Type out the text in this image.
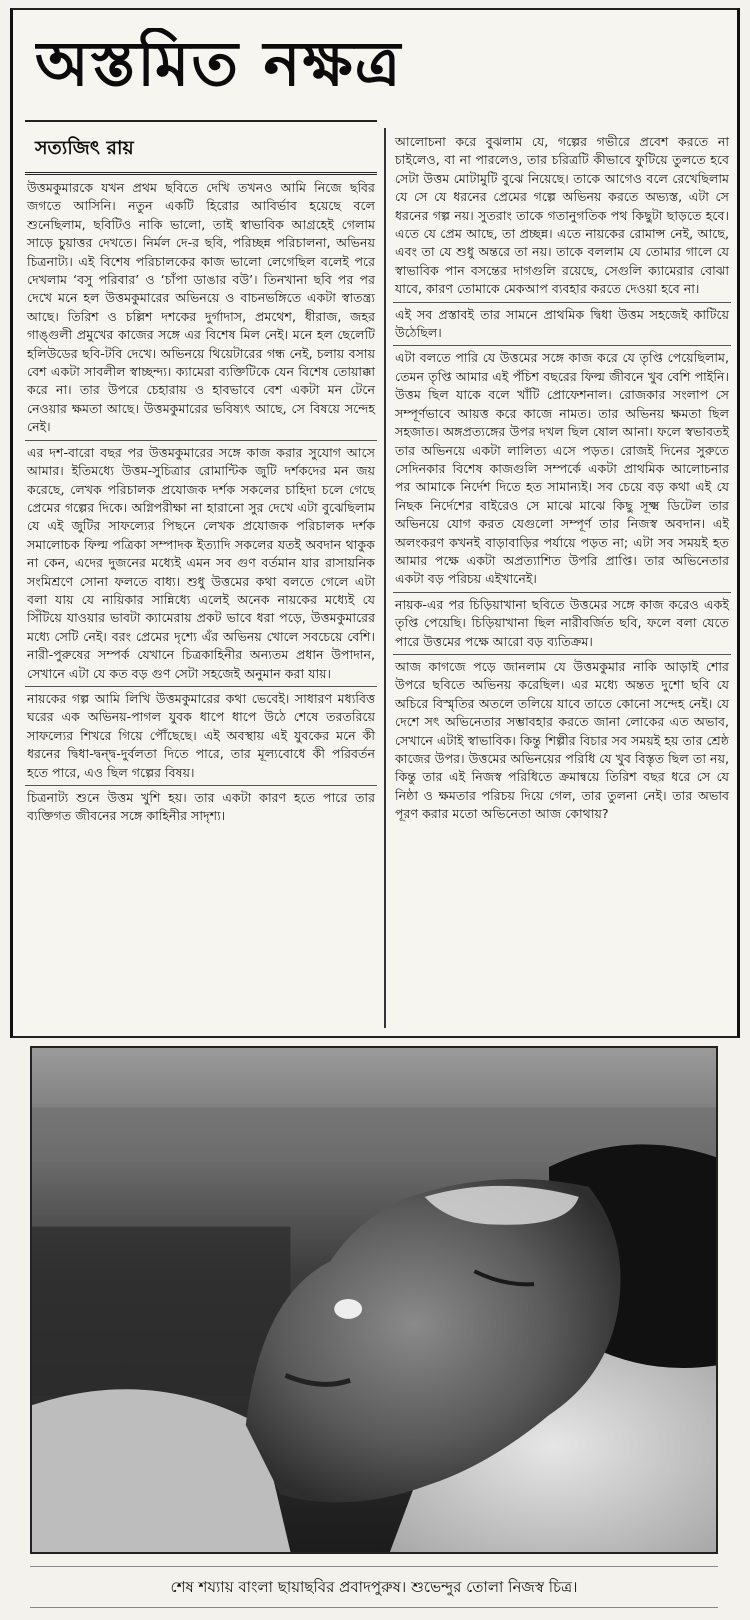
অস্তমিত নক্ষত্র
সত্যজিৎ রায়

উত্তমকুমারকে যখন প্রথম ছবিতে দেখি তখনও আমি নিজে ছবির জগতে আসিনি। নতুন একটি হিরোর আবির্ভাব হয়েছে বলে শুনেছিলাম, ছবিটিও নাকি ভালো, তাই স্বাভাবিক আগ্রহেই গেলাম সাড়ে চুয়াত্তর দেখতে। নির্মল দে-র ছবি, পরিচ্ছন্ন পরিচালনা, অভিনয় চিত্রনাট্য। এই বিশেষ পরিচালকের কাজ ভালো লেগেছিল বলেই পরে দেখলাম ‘বসু পরিবার’ ও ‘চাঁপা ডাঙার বউ’। তিনখানা ছবি পর পর দেখে মনে হল উত্তমকুমারের অভিনয়ে ও বাচনভঙ্গিতে একটা স্বাতন্ত্র্য আছে। তিরিশ ও চল্লিশ দশকের দুর্গাদাস, প্রমথেশ, ধীরাজ, জহর গাঙ্গুলী প্রমুখের কাজের সঙ্গে এর বিশেষ মিল নেই। মনে হল ছেলেটি হলিউডের ছবি-টবি দেখে। অভিনয়ে থিয়েটারের গন্ধ নেই, চলায় বসায় বেশ একটা সাবলীল স্বাচ্ছন্দ্য। ক্যামেরা ব্যক্তিটিকে যেন বিশেষ তোয়াক্কা করে না। তার উপরে চেহারায় ও হাবভাবে বেশ একটা মন টেনে নেওয়ার ক্ষমতা আছে। উত্তমকুমারের ভবিষ্যৎ আছে, সে বিষয়ে সন্দেহ নেই।

এর দশ-বারো বছর পর উত্তমকুমারের সঙ্গে কাজ করার সুযোগ আসে আমার। ইতিমধ্যে উত্তম-সুচিত্রার রোমান্টিক জুটি দর্শকদের মন জয় করেছে, লেখক পরিচালক প্রযোজক দর্শক সকলের চাহিদা চলে গেছে প্রেমের গল্পের দিকে। অগ্নিপরীক্ষা না হারানো সুর দেখে এটা বুঝেছিলাম যে এই জুটির সাফল্যের পিছনে লেখক প্রযোজক পরিচালক দর্শক সমালোচক ফিল্ম পত্রিকা সম্পাদক ইত্যাদি সকলের যতই অবদান থাকুক না কেন, এদের দুজনের মধ্যেই এমন সব গুণ বর্তমান যার রাসায়নিক সংমিশ্রণে সোনা ফলতে বাধ্য। শুধু উত্তমের কথা বলতে গেলে এটা বলা যায় যে নায়িকার সান্নিধ্যে এলেই অনেক নায়কের মধ্যেই যে সিঁটিয়ে যাওয়ার ভাবটা ক্যামেরায় প্রকট ভাবে ধরা পড়ে, উত্তমকুমারের মধ্যে সেটি নেই। বরং প্রেমের দৃশ্যে এঁর অভিনয় খোলে সবচেয়ে বেশি। নারী-পুরুষের সম্পর্ক যেখানে চিত্রকাহিনীর অন্যতম প্রধান উপাদান, সেখানে এটা যে কত বড় গুণ সেটা সহজেই অনুমান করা যায়।

নায়কের গল্প আমি লিখি উত্তমকুমারের কথা ভেবেই। সাধারণ মধ্যবিত্ত ঘরের এক অভিনয়-পাগল যুবক ধাপে ধাপে উঠে শেষে তরতরিয়ে সাফল্যের শিখরে গিয়ে পৌঁছেছে। এই অবস্থায় এই যুবকের মনে কী ধরনের দ্বিধা-দ্বন্দ্ব-দুর্বলতা দিতে পারে, তার মূল্যবোধে কী পরিবর্তন হতে পারে, এও ছিল গল্পের বিষয়।

চিত্রনাট্য শুনে উত্তম খুশি হয়। তার একটা কারণ হতে পারে তার ব্যক্তিগত জীবনের সঙ্গে কাহিনীর সাদৃশ্য।

আলোচনা করে বুঝলাম যে, গল্পের গভীরে প্রবেশ করতে না চাইলেও, বা না পারলেও, তার চরিত্রটি কীভাবে ফুটিয়ে তুলতে হবে সেটা উত্তম মোটামুটি বুঝে নিয়েছে। তাকে আগেও বলে রেখেছিলাম যে সে যে ধরনের প্রেমের গল্পে অভিনয় করতে অভ্যস্ত, এটা সে ধরনের গল্প নয়। সুতরাং তাকে গতানুগতিক পথ কিছুটা ছাড়তে হবে। এতে যে প্রেম আছে, তা প্রচ্ছন্ন। এতে নায়কের রোমান্স নেই, আছে, এবং তা যে শুধু অন্তরে তা নয়। তাকে বললাম যে তোমার গালে যে স্বাভাবিক পান বসন্তের দাগগুলি রয়েছে, সেগুলি ক্যামেরার বোঝা যাবে, কারণ তোমাকে মেকআপ ব্যবহার করতে দেওয়া হবে না।

এই সব প্রস্তাবই তার সামনে প্রাথমিক দ্বিধা উত্তম সহজেই কাটিয়ে উঠেছিল।

এটা বলতে পারি যে উত্তমের সঙ্গে কাজ করে যে তৃপ্তি পেয়েছিলাম, তেমন তৃপ্তি আমার এই পঁচিশ বছরের ফিল্ম জীবনে খুব বেশি পাইনি। উত্তম ছিল যাকে বলে খাঁটি প্রোফেশনাল। রোজকার সংলাপ সে সম্পূর্ণভাবে আয়ত্ত করে কাজে নামত। তার অভিনয় ক্ষমতা ছিল সহজাত। অঙ্গপ্রত্যঙ্গের উপর দখল ছিল ষোল আনা। ফলে স্বভাবতই তার অভিনয়ে একটা লালিত্য এসে পড়ত। রোজই দিনের সুরুতে সেদিনকার বিশেষ কাজগুলি সম্পর্কে একটা প্রাথমিক আলোচনার পর আমাকে নির্দেশ দিতে হত সামান্যই। সব চেয়ে বড় কথা এই যে নিছক নির্দেশের বাইরেও সে মাঝে মাঝে কিছু সূক্ষ্ম ডিটেল তার অভিনয়ে যোগ করত যেগুলো সম্পূর্ণ তার নিজস্ব অবদান। এই অলংকরণ কখনই বাড়াবাড়ির পর্যায়ে পড়ত না; এটা সব সময়ই হত আমার পক্ষে একটা অপ্রত্যাশিত উপরি প্রাপ্তি। তার অভিনেতার একটা বড় পরিচয় এইখানেই।

নায়ক-এর পর চিড়িয়াখানা ছবিতে উত্তমের সঙ্গে কাজ করেও একই তৃপ্তি পেয়েছি। চিড়িয়াখানা ছিল নারীবর্জিত ছবি, ফলে বলা যেতে পারে উত্তমের পক্ষে আরো বড় ব্যতিক্রম।

আজ কাগজে পড়ে জানলাম যে উত্তমকুমার নাকি আড়াই শোর উপরে ছবিতে অভিনয় করেছিল। এর মধ্যে অন্তত দুশো ছবি যে অচিরে বিস্মৃতির অতলে তলিয়ে যাবে তাতে কোনো সন্দেহ নেই। যে দেশে সৎ অভিনেতার সম্ভাবহার করতে জানা লোকের এত অভাব, সেখানে এটাই স্বাভাবিক। কিন্তু শিল্পীর বিচার সব সময়ই হয় তার শ্রেষ্ঠ কাজের উপর। উত্তমের অভিনয়ের পরিধি যে খুব বিস্তৃত ছিল তা নয়, কিন্তু তার এই নিজস্ব পরিধিতে ক্রমান্বয়ে তিরিশ বছর ধরে সে যে নিষ্ঠা ও ক্ষমতার পরিচয় দিয়ে গেল, তার তুলনা নেই। তার অভাব পূরণ করার মতো অভিনেতা আজ কোথায়?

শেষ শয্যায় বাংলা ছায়াছবির প্রবাদপুরুষ। শুভেন্দুর তোলা নিজস্ব চিত্র।
